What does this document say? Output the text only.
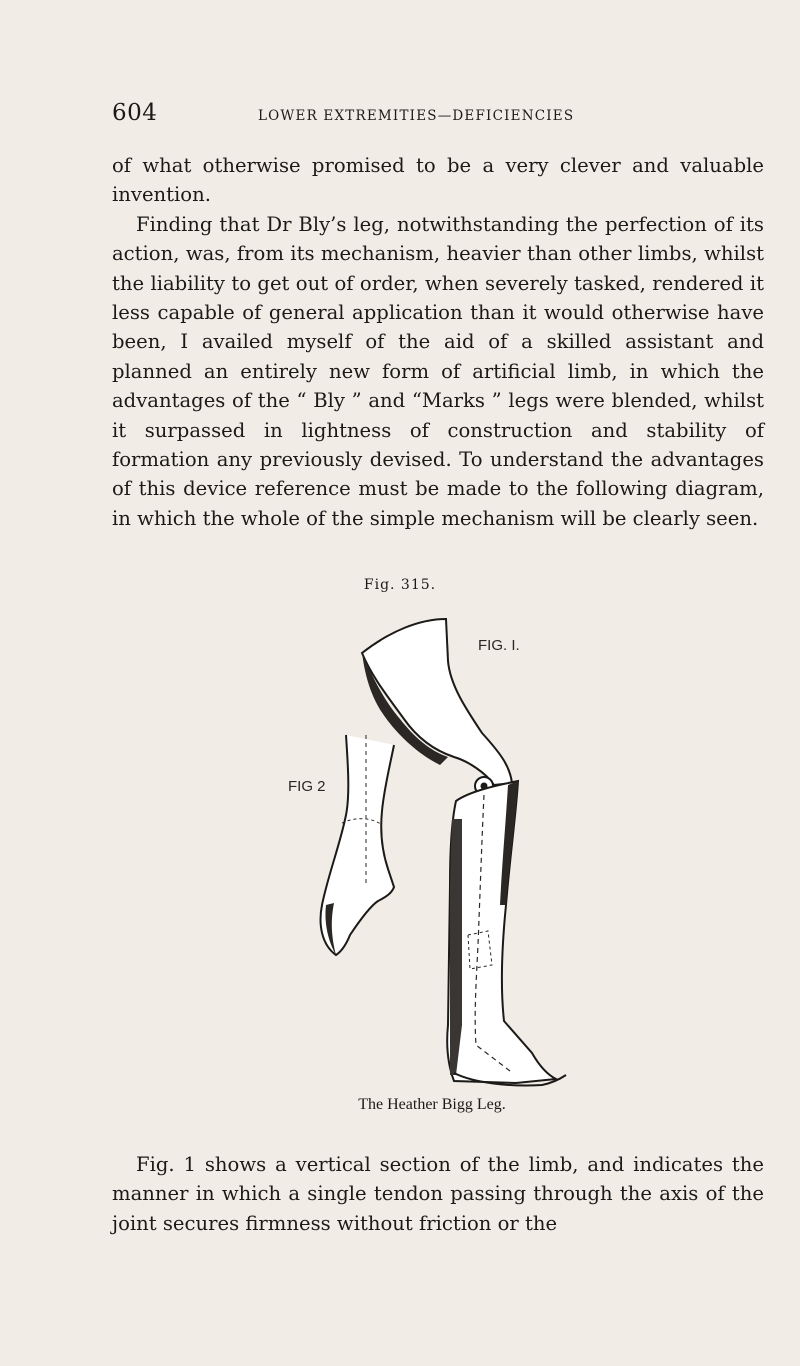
604	LOWER EXTREMITIES—DEFICIENCIES

of what otherwise promised to be a very clever and valuable invention.

Finding that Dr Bly’s leg, notwithstanding the perfection of its action, was, from its mechanism, heavier than other limbs, whilst the liability to get out of order, when severely tasked, rendered it less capable of general application than it would otherwise have been, I availed myself of the aid of a skilled assistant and planned an entirely new form of artificial limb, in which the advantages of the “ Bly ” and “Marks ” legs were blended, whilst it surpassed in lightness of construction and stability of formation any previously devised. To understand the advantages of this device reference must be made to the following diagram, in which the whole of the simple mechanism will be clearly seen.

Fig. 315.
FIG. I.
FIG 2
The Heather Bigg Leg.

Fig. 1 shows a vertical section of the limb, and indicates the manner in which a single tendon passing through the axis of the joint secures firmness without friction or the
